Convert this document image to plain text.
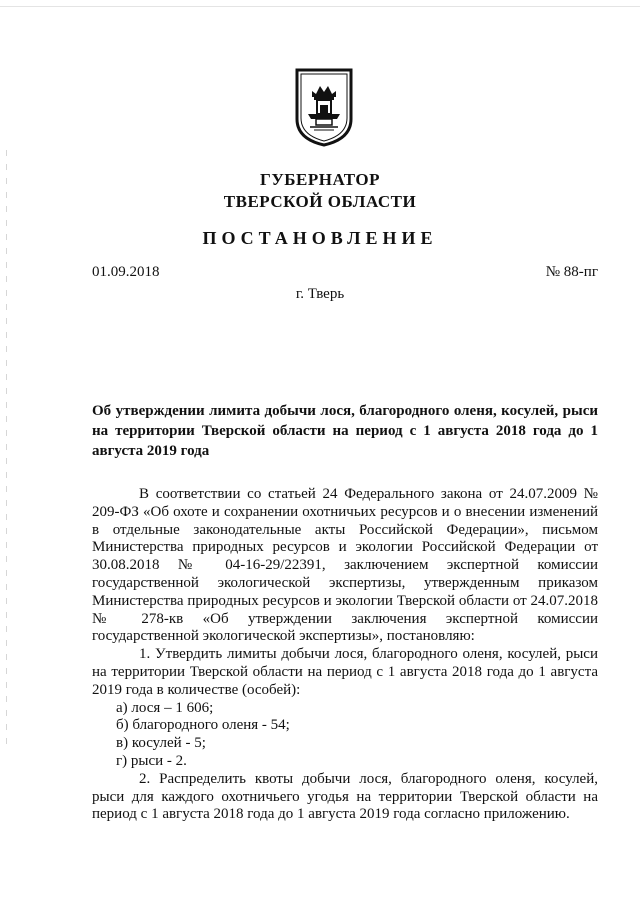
ГУБЕРНАТОР
ТВЕРСКОЙ ОБЛАСТИ
ПОСТАНОВЛЕНИЕ
01.09.2018	№ 88-пг
г. Тверь
Об утверждении лимита добычи лося, благородного оленя, косулей, рыси на территории Тверской области на период с 1 августа 2018 года до 1 августа 2019 года

В соответствии со статьей 24 Федерального закона от 24.07.2009 № 209-ФЗ «Об охоте и сохранении охотничьих ресурсов и о внесении изменений в отдельные законодательные акты Российской Федерации», письмом Министерства природных ресурсов и экологии Российской Федерации от 30.08.2018 № 04-16-29/22391, заключением экспертной комиссии государственной экологической экспертизы, утвержденным приказом Министерства природных ресурсов и экологии Тверской области от 24.07.2018 № 278-кв «Об утверждении заключения экспертной комиссии государственной экологической экспертизы», постановляю:

1. Утвердить лимиты добычи лося, благородного оленя, косулей, рыси на территории Тверской области на период с 1 августа 2018 года до 1 августа 2019 года в количестве (особей):

а) лося – 1 606;

б) благородного оленя - 54;

в) косулей - 5;

г) рыси - 2.

2. Распределить квоты добычи лося, благородного оленя, косулей, рыси для каждого охотничьего угодья на территории Тверской области на период с 1 августа 2018 года до 1 августа 2019 года согласно приложению.
